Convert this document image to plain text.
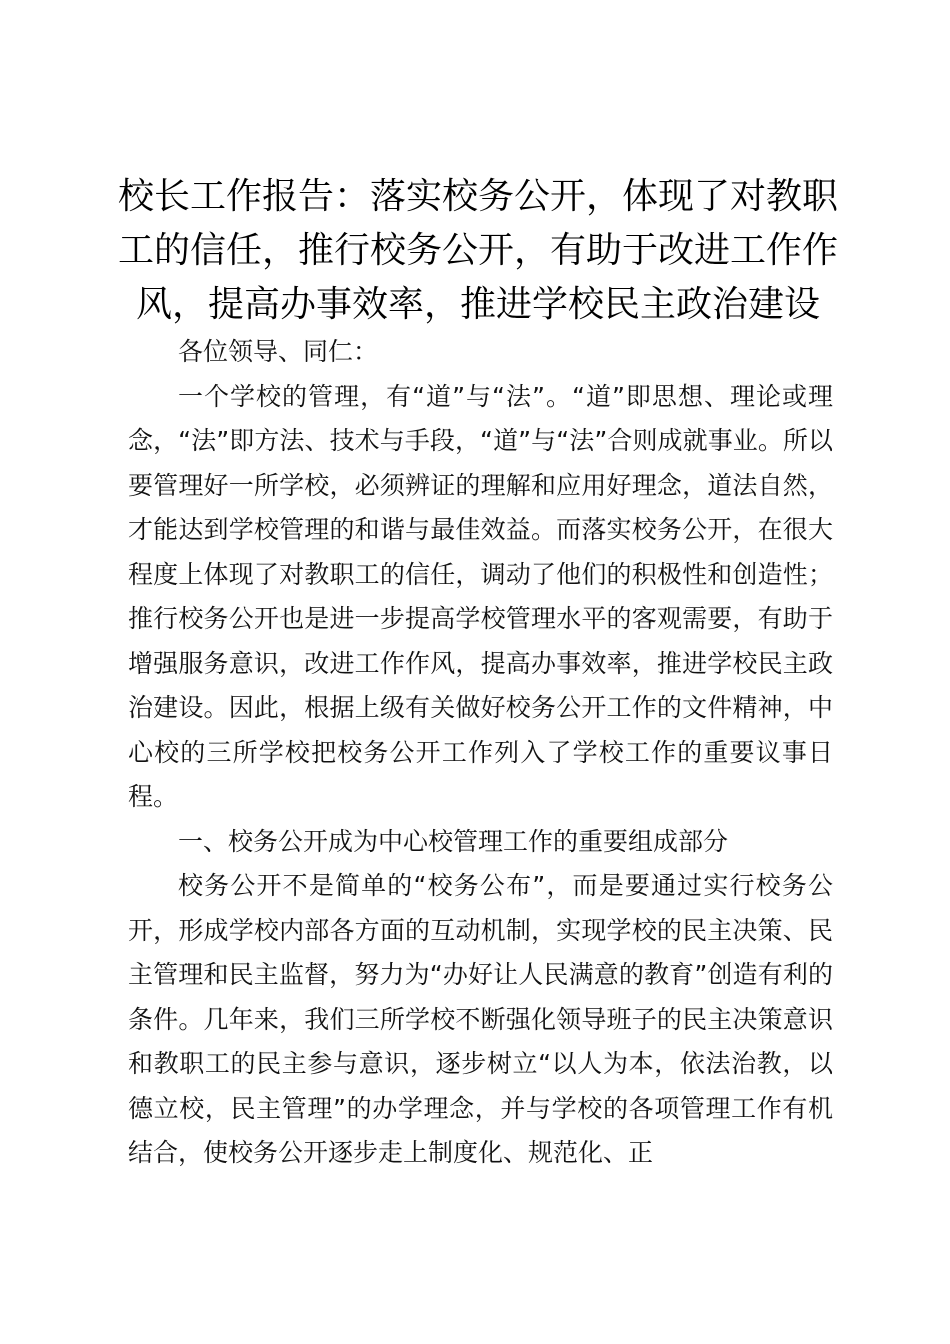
校长工作报告：落实校务公开，体现了对教职工的信任，推行校务公开，有助于改进工作作风，提高办事效率，推进学校民主政治建设

各位领导、同仁：

一个学校的管理，有“道”与“法”。“道”即思想、理论或理念，“法”即方法、技术与手段，“道”与“法”合则成就事业。所以要管理好一所学校，必须辨证的理解和应用好理念，道法自然，才能达到学校管理的和谐与最佳效益。而落实校务公开，在很大程度上体现了对教职工的信任，调动了他们的积极性和创造性；推行校务公开也是进一步提高学校管理水平的客观需要，有助于增强服务意识，改进工作作风，提高办事效率，推进学校民主政治建设。因此，根据上级有关做好校务公开工作的文件精神，中心校的三所学校把校务公开工作列入了学校工作的重要议事日程。

一、校务公开成为中心校管理工作的重要组成部分

校务公开不是简单的“校务公布”，而是要通过实行校务公开，形成学校内部各方面的互动机制，实现学校的民主决策、民主管理和民主监督，努力为“办好让人民满意的教育”创造有利的条件。几年来，我们三所学校不断强化领导班子的民主决策意识和教职工的民主参与意识，逐步树立“以人为本，依法治教，以德立校，民主管理”的办学理念，并与学校的各项管理工作有机结合，使校务公开逐步走上制度化、规范化、正
